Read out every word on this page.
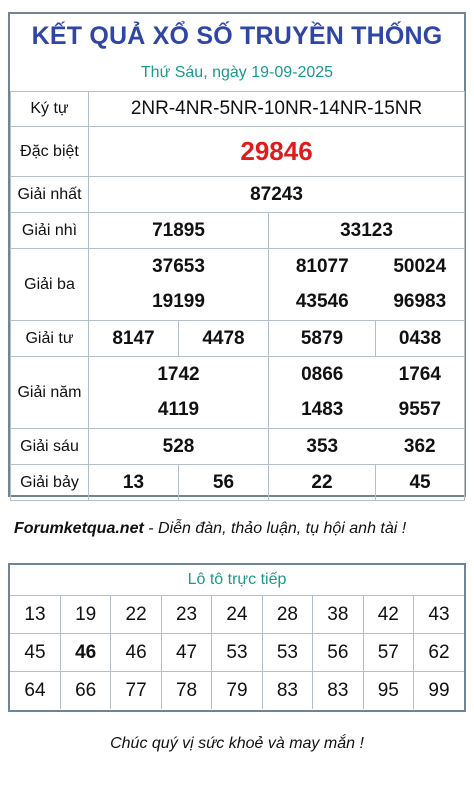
KẾT QUẢ XỔ SỐ TRUYỀN THỐNG
Thứ Sáu, ngày 19-09-2025
Ký tự	2NR-4NR-5NR-10NR-14NR-15NR			
Đặc biệt	29846			
Giải nhất	87243			
Giải nhì	71895		33123	
Giải ba	37653		81077	50024
	19199		43546	96983
Giải tư	8147	4478	5879	0438
Giải năm	1742		0866	1764
	4119		1483	9557
Giải sáu	528		353	362
Giải bảy	13	56	22	45
Forumketqua.net - Diễn đàn, thảo luận, tụ hội anh tài !
Lô tô trực tiếp
13	19	22	23	24	28	38	42	43
45	46	46	47	53	53	56	57	62
64	66	77	78	79	83	83	95	99
Chúc quý vị sức khoẻ và may mắn !
